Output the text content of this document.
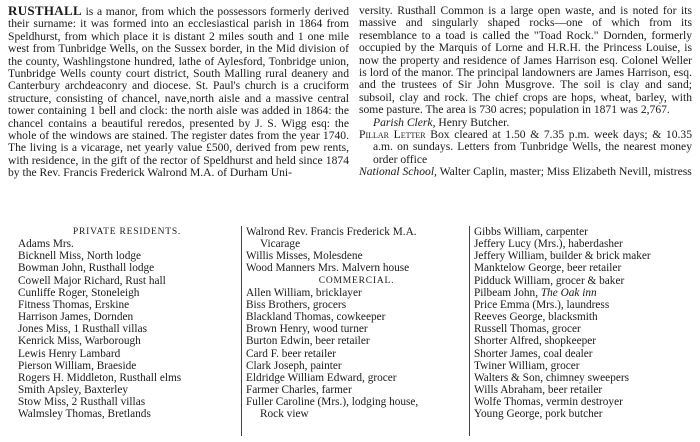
RUSTHALL is a manor, from which the possessors formerly derived their surname: it was formed into an ecclesiastical parish in 1864 from Speldhurst, from which place it is distant 2 miles south and 1 one mile west from Tunbridge Wells, on the Sussex border, in the Mid division of the county, Washlingstone hundred, lathe of Aylesford, Tonbridge union, Tunbridge Wells county court district, South Malling rural deanery and Canterbury archdeaconry and diocese. St. Paul's church is a cruciform structure, consisting of chancel, nave,north aisle and a massive central tower containing 1 bell and clock: the north aisle was added in 1864: the chancel contains a beautiful reredos, presented by J. S. Wigg esq: the whole of the windows are stained. The register dates from the year 1740. The living is a vicarage, net yearly value £500, derived from pew rents, with residence, in the gift of the rector of Speldhurst and held since 1874 by the Rev. Francis Frederick Walrond M.A. of Durham Uni-

versity. Rusthall Common is a large open waste, and is noted for its massive and singularly shaped rocks—one of which from its resemblance to a toad is called the "Toad Rock." Dornden, formerly occupied by the Marquis of Lorne and H.R.H. the Princess Louise, is now the property and residence of James Harrison esq. Colonel Weller is lord of the manor. The principal landowners are James Harrison, esq. and the trustees of Sir John Musgrove. The soil is clay and sand; subsoil, clay and rock. The chief crops are hops, wheat, barley, with some pasture. The area is 730 acres; population in 1871 was 2,767.

Parish Clerk, Henry Butcher.
Pillar Letter Box cleared at 1.50 & 7.35 p.m. week days; & 10.35 a.m. on sundays. Letters from Tunbridge Wells, the nearest money order office
National School, Walter Caplin, master; Miss Elizabeth Nevill, mistress
PRIVATE RESIDENTS.
Adams Mrs.
Bicknell Miss, North lodge
Bowman John, Rusthall lodge
Cowell Major Richard, Rust hall
Cunliffe Roger, Stoneleigh
Fitness Thomas, Erskine
Harrison James, Dornden
Jones Miss, 1 Rusthall villas
Kenrick Miss, Warborough
Lewis Henry Lambard
Pierson William, Braeside
Rogers H. Middleton, Rusthall elms
Smith Apsley, Baxterley
Stow Miss, 2 Rusthall villas
Walmsley Thomas, Bretlands
Walrond Rev. Francis Frederick M.A.
Vicarage
Willis Misses, Molesdene
Wood Manners Mrs. Malvern house
COMMERCIAL.
Allen William, bricklayer
Biss Brothers, grocers
Blackland Thomas, cowkeeper
Brown Henry, wood turner
Burton Edwin, beer retailer
Card F. beer retailer
Clark Joseph, painter
Eldridge William Edward, grocer
Farmer Charles, farmer
Fuller Caroline (Mrs.), lodging house,
Rock view
Gibbs William, carpenter
Jeffery Lucy (Mrs.), haberdasher
Jeffery William, builder & brick maker
Manktelow George, beer retailer
Pidduck William, grocer & baker
Pilbeam John, The Oak inn
Price Emma (Mrs.), laundress
Reeves George, blacksmith
Russell Thomas, grocer
Shorter Alfred, shopkeeper
Shorter James, coal dealer
Twiner William, grocer
Walters & Son, chimney sweepers
Wills Abraham, beer retailer
Wolfe Thomas, vermin destroyer
Young George, pork butcher
